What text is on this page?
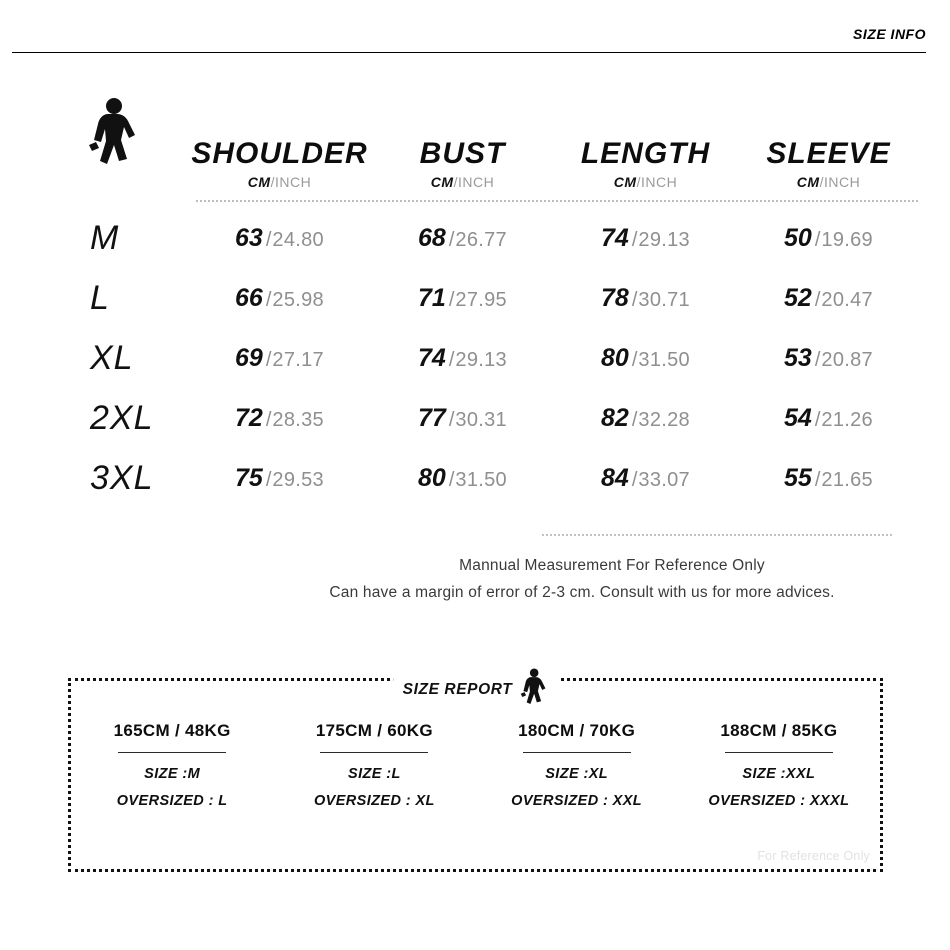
SIZE INFO

SHOULDER
CM/INCH

BUST
CM/INCH

LENGTH
CM/INCH

SLEEVE
CM/INCH

M	63 /24.80	68 /26.77	74 /29.13	50 /19.69
L	66 /25.98	71 /27.95	78 /30.71	52 /20.47
XL	69 /27.17	74 /29.13	80 /31.50	53 /20.87
2XL	72 /28.35	77 /30.31	82 /32.28	54 /21.26
3XL	75 /29.53	80 /31.50	84 /33.07	55 /21.65
Mannual Measurement For Reference Only
Can have a margin of error of 2-3 cm. Consult with us for more advices.
SIZE REPORT
165CM / 48KG
SIZE :M
OVERSIZED : L
175CM / 60KG
SIZE :L
OVERSIZED : XL
180CM / 70KG
SIZE :XL
OVERSIZED : XXL
188CM / 85KG
SIZE :XXL
OVERSIZED : XXXL
For Reference Only
